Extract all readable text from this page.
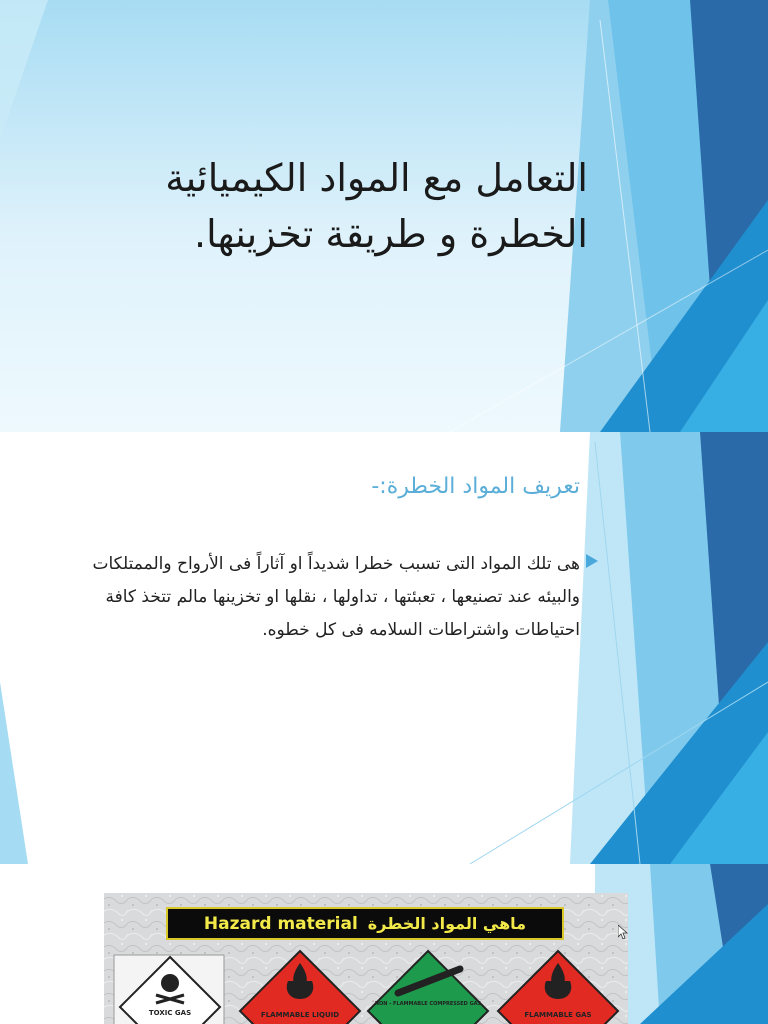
التعامل مع المواد الكيميائية
الخطرة و طريقة تخزينها.
تعريف المواد الخطرة:-

هى تلك المواد التى تسبب خطرا شديداً او آثاراً فى الأرواح والممتلكات والبيئه عند تصنيعها ، تعبئتها ، تداولها ، نقلها او تخزينها مالم تتخذ كافة احتياطات واشتراطات السلامه فى كل خطوه.

TOXIC GAS	FLAMMABLE LIQUID
NON - FLAMMABLE COMPRESSED GAS
FLAMMABLE GAS
Hazard material ماهي المواد الخطرة
